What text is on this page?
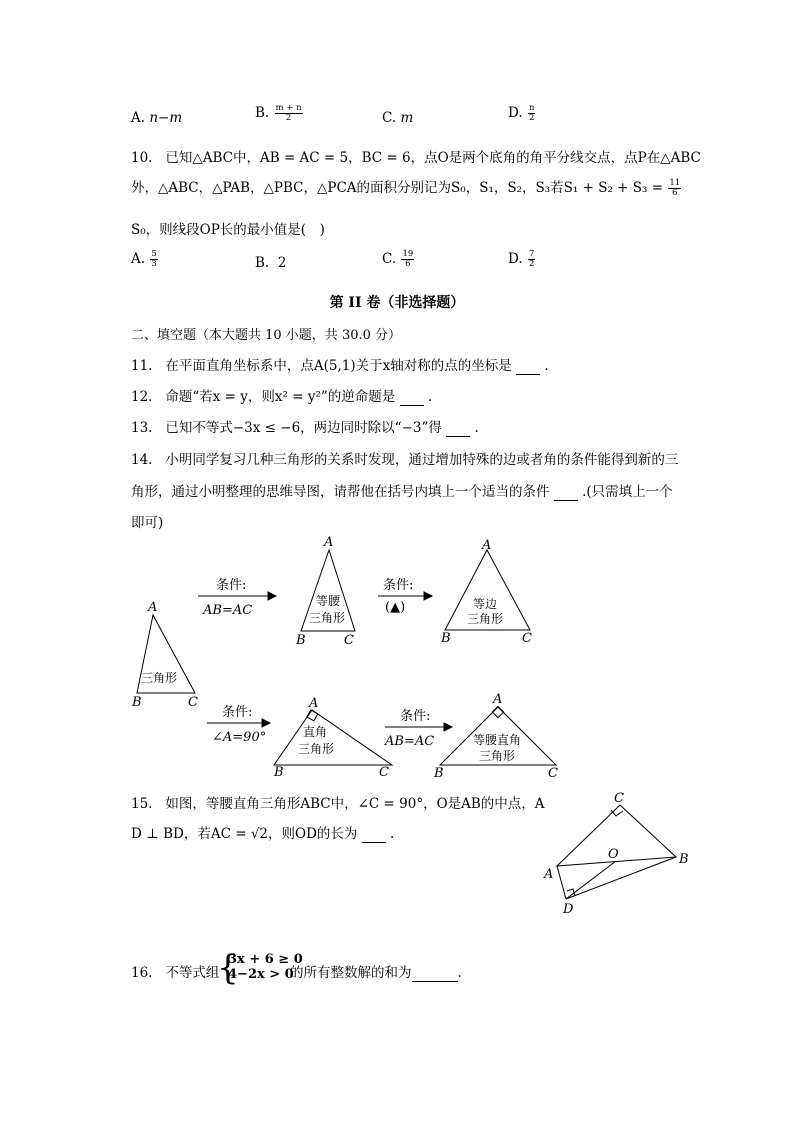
A. n−m	B. $\frac{m + n}{2}$	C. m	D. $\frac{n}{2}$
10. 已知△ABC中，AB = AC = 5，BC = 6，点O是两个底角的角平分线交点，点P在△ABC
外，△ABC，△PAB，△PBC，△PCA的面积分别记为S₀，S₁，S₂，S₃若$S_1 + S_2 + S_3 = \frac{11}{6}$
S₀，则线段OP长的最小值是(　)
A. $\frac{5}{3}$	B. 2	C. $\frac{19}{6}$	D. $\frac{7}{2}$
第 II 卷（非选择题）
二、填空题（本大题共 10 小题，共 30.0 分）
11. 在平面直角坐标系中，点A(5,1)关于x轴对称的点的坐标是 .
12. 命题“若x = y，则x² = y²”的逆命题是 .
13. 已知不等式−3x ≤ −6，两边同时除以“−3”得 .
14. 小明同学复习几种三角形的关系时发现，通过增加特殊的边或者角的条件能得到新的三
角形，通过小明整理的思维导图，请帮他在括号内填上一个适当的条件 .(只需填上一个
即可)
A
B	C
A
B	C
A
B	C
A
B	C
A
B	C
三角形
等腰
三角形
等边
三角形
直角
三角形
等腰直角
三角形
条件:
AB=AC
条件:
(▲)
条件:
∠A=90°
条件:
AB=AC
15. 如图，等腰直角三角形ABC中，∠C = 90°，O是AB的中点，A
D ⊥ BD，若AC = √2，则OD的长为 .
C
A
B
D
O
16. 不等式组
{
3x + 6 ≥ 0
4−2x > 0
的所有整数解的和为	.
